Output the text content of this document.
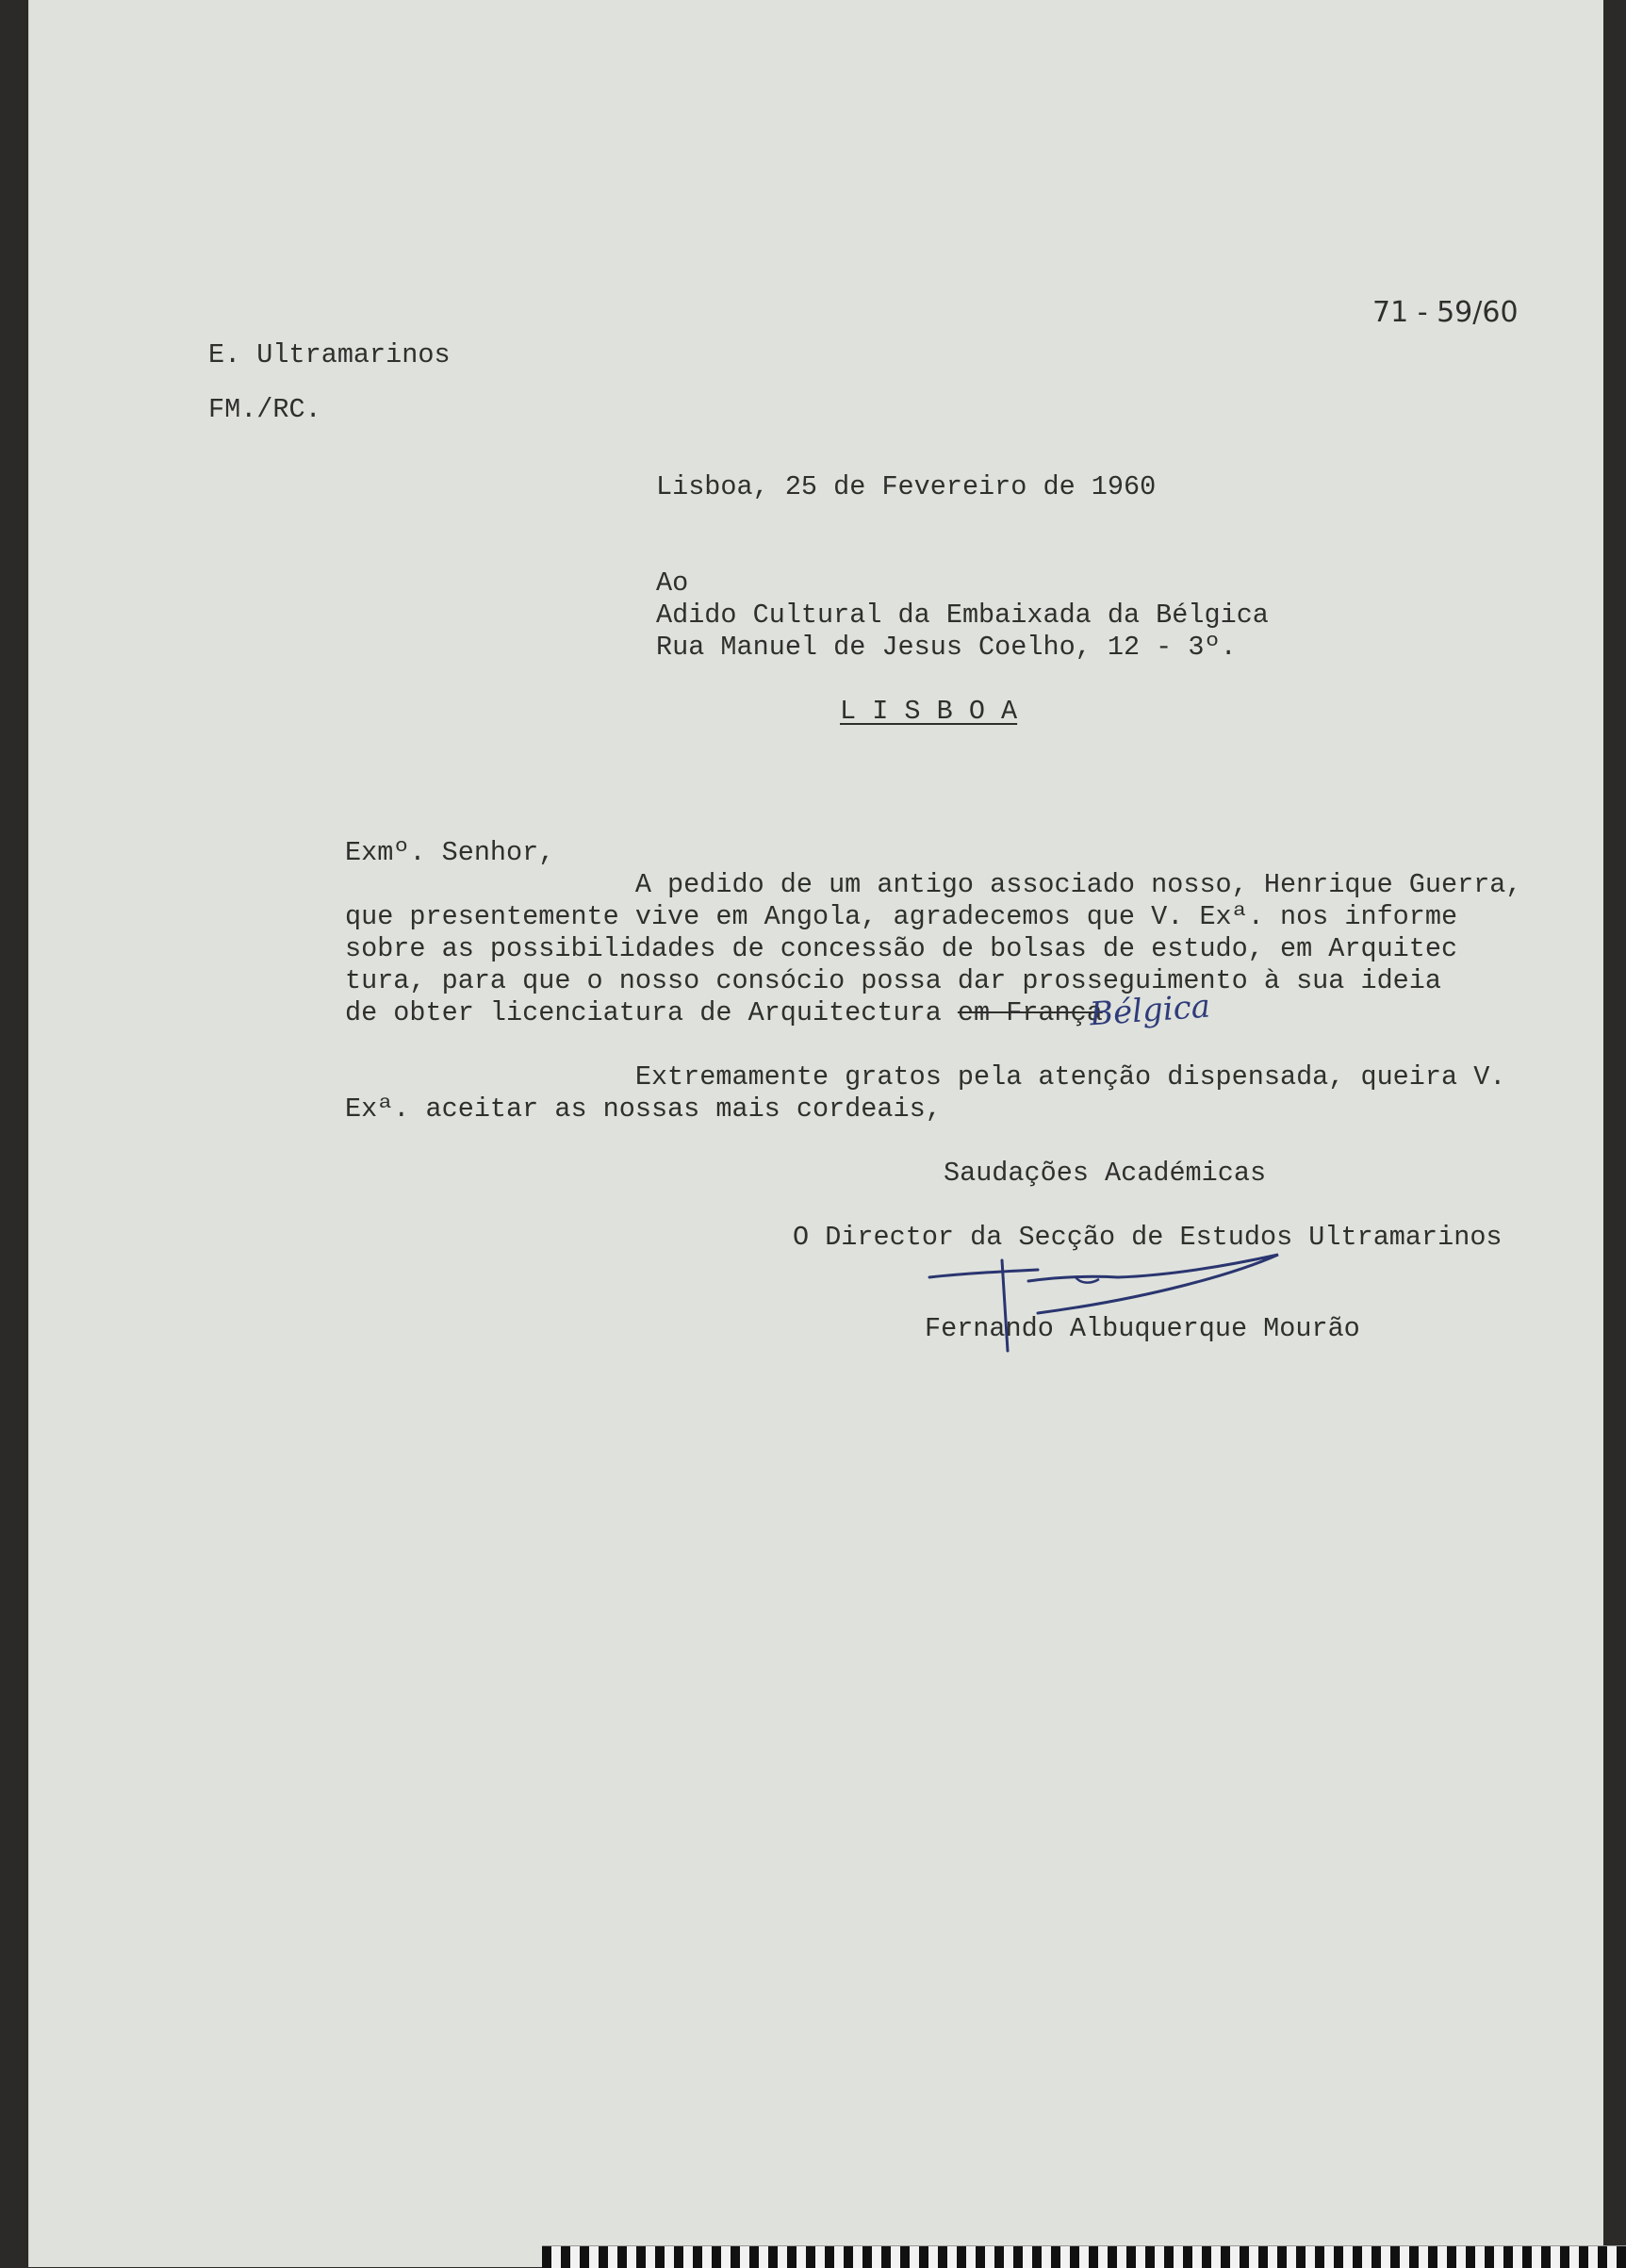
71 - 59/60

E. Ultramarinos

FM./RC.

Lisboa, 25 de Fevereiro de 1960

Ao

Adido Cultural da Embaixada da Bélgica

Rua Manuel de Jesus Coelho, 12 - 3º.

L I S B O A

Exmº. Senhor,

A pedido de um antigo associado nosso, Henrique Guerra,

que presentemente vive em Angola, agradecemos que V. Exª. nos informe

sobre as possibilidades de concessão de bolsas de estudo, em Arquitec

tura, para que o nosso consócio possa dar prosseguimento à sua ideia

de obter licenciatura de Arquitectura em França

Bélgica

Extremamente gratos pela atenção dispensada, queira V.

Exª. aceitar as nossas mais cordeais,

Saudações Académicas

O Director da Secção de Estudos Ultramarinos

Fernando Albuquerque Mourão
